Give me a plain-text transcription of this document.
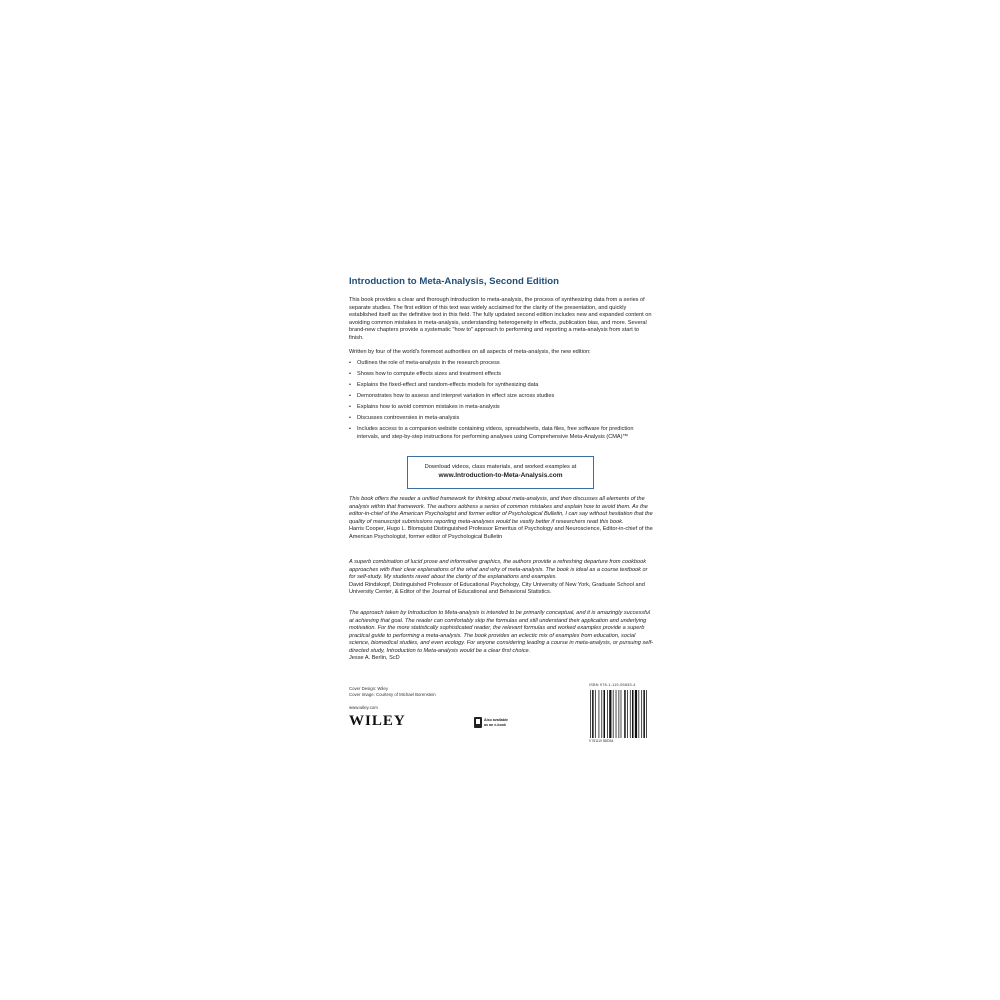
Introduction to Meta-Analysis, Second Edition

This book provides a clear and thorough introduction to meta-analysis, the process of synthesizing data from a series of separate studies. The first edition of this text was widely acclaimed for the clarity of the presentation, and quickly established itself as the definitive text in this field. The fully updated second edition includes new and expanded content on avoiding common mistakes in meta-analysis, understanding heterogeneity in effects, publication bias, and more. Several brand-new chapters provide a systematic "how to" approach to performing and reporting a meta-analysis from start to finish.

Written by four of the world's foremost authorities on all aspects of meta-analysis, the new edition:

• Outlines the role of meta-analysis in the research process
• Shows how to compute effects sizes and treatment effects
• Explains the fixed-effect and random-effects models for synthesizing data
• Demonstrates how to assess and interpret variation in effect size across studies
• Explains how to avoid common mistakes in meta-analysis
• Discusses controversies in meta-analysis
• Includes access to a companion website containing videos, spreadsheets, data files, free software for prediction intervals, and step-by-step instructions for performing analyses using Comprehensive Meta-Analysis (CMA)™
Download videos, class materials, and worked examples at
www.Introduction-to-Meta-Analysis.com

This book offers the reader a unified framework for thinking about meta-analysis, and then discusses all elements of the analysis within that framework. The authors address a series of common mistakes and explain how to avoid them. As the editor-in-chief of the American Psychologist and former editor of Psychological Bulletin, I can say without hesitation that the quality of manuscript submissions reporting meta-analyses would be vastly better if researchers read this book.

Harris Cooper, Hugo L. Blomquist Distinguished Professor Emeritus of Psychology and Neuroscience, Editor-in-chief of the American Psychologist, former editor of Psychological Bulletin

A superb combination of lucid prose and informative graphics, the authors provide a refreshing departure from cookbook approaches with their clear explanations of the what and why of meta-analysis. The book is ideal as a course textbook or for self-study. My students raved about the clarity of the explanations and examples.

David Rindskopf, Distinguished Professor of Educational Psychology, City University of New York, Graduate School and University Center, & Editor of the Journal of Educational and Behavioral Statistics.

The approach taken by Introduction to Meta-analysis is intended to be primarily conceptual, and it is amazingly successful at achieving that goal. The reader can comfortably skip the formulas and still understand their application and underlying motivation. For the more statistically sophisticated reader, the relevant formulas and worked examples provide a superb practical guide to performing a meta-analysis. The book provides an eclectic mix of examples from education, social science, biomedical studies, and even ecology. For anyone considering leading a course in meta-analysis, or pursuing self-directed study, Introduction to Meta-analysis would be a clear first choice.

Jesse A. Berlin, ScD

Cover Design: Wiley
Cover Image: Courtesy of Michael Borenstein
www.wiley.com
WILEY	Also available
as an e-book
ISBN 978-1-119-55835-4
9 781119 558354
